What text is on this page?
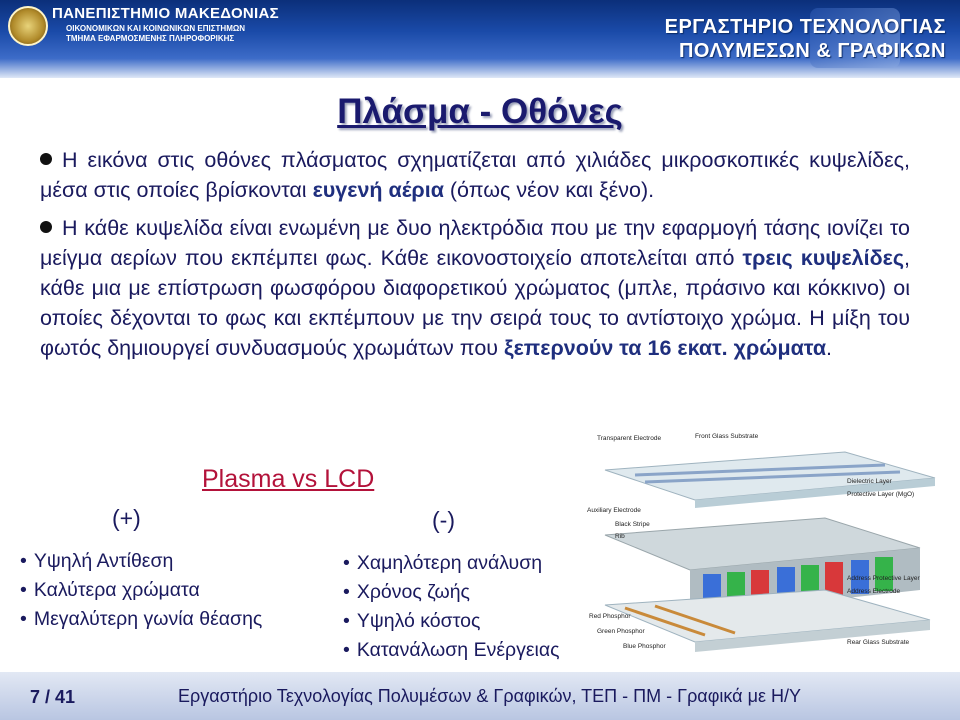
ΠΑΝΕΠΙΣΤΗΜΙΟ ΜΑΚΕΔΟΝΙΑΣ
ΟΙΚΟΝΟΜΙΚΩΝ ΚΑΙ ΚΟΙΝΩΝΙΚΩΝ ΕΠΙΣΤΗΜΩΝ
ΤΜΗΜΑ ΕΦΑΡΜΟΣΜΕΝΗΣ ΠΛΗΡΟΦΟΡΙΚΗΣ
ΕΡΓΑΣΤΗΡΙΟ ΤΕΧΝΟΛΟΓΙΑΣ
ΠΟΛΥΜΕΣΩΝ & ΓΡΑΦΙΚΩΝ
Πλάσμα - Οθόνες
Η εικόνα στις οθόνες πλάσματος σχηματίζεται από χιλιάδες μικροσκοπικές κυψελίδες, μέσα στις οποίες βρίσκονται ευγενή αέρια (όπως νέον και ξένο).
Η κάθε κυψελίδα είναι ενωμένη με δυο ηλεκτρόδια που με την εφαρμογή τάσης ιονίζει το μείγμα αερίων που εκπέμπει φως. Κάθε εικονοστοιχείο αποτελείται από τρεις κυψελίδες, κάθε μια με επίστρωση φωσφόρου διαφορετικού χρώματος (μπλε, πράσινο και κόκκινο) οι οποίες δέχονται το φως και εκπέμπουν με την σειρά τους το αντίστοιχο χρώμα. Η μίξη του φωτός δημιουργεί συνδυασμούς χρωμάτων που ξεπερνούν τα 16 εκατ. χρώματα.
Plasma vs LCD
(+)	(-)
• Υψηλή Αντίθεση
• Καλύτερα χρώματα
• Μεγαλύτερη γωνία θέασης
• Χαμηλότερη ανάλυση
• Χρόνος ζωής
• Υψηλό κόστος
• Κατανάλωση Ενέργειας
Transparent Electrode	Front Glass Substrate
Dielectric Layer
Protective Layer (MgO)
Auxiliary Electrode
Black Stripe
Rib
Address Protective Layer
Address Electrode
Red Phosphor
Green Phosphor
Blue Phosphor
Rear Glass Substrate
7 / 41	Εργαστήριο Τεχνολογίας Πολυμέσων & Γραφικών, ΤΕΠ - ΠΜ - Γραφικά με Η/Υ
